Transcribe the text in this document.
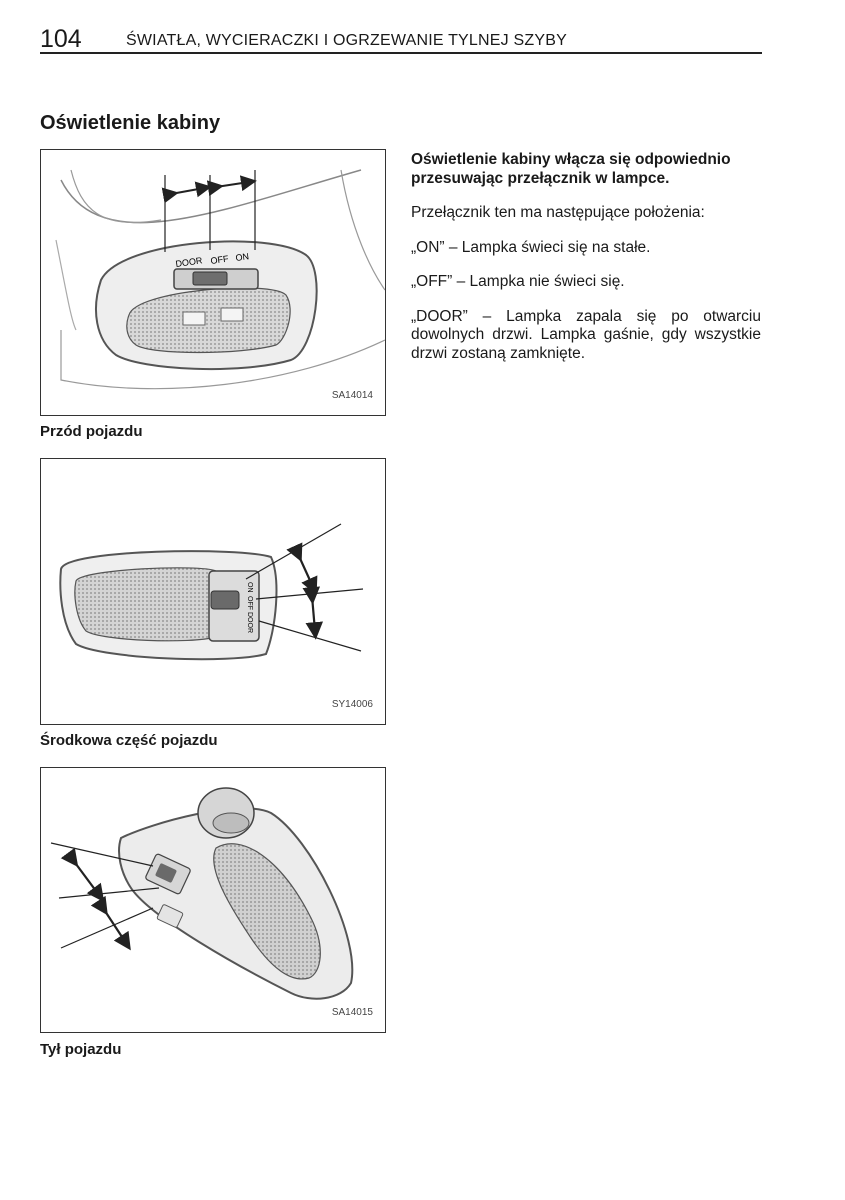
104	ŚWIATŁA, WYCIERACZKI I OGRZEWANIE TYLNEJ SZYBY
Oświetlenie kabiny
DOOR OFF ON
SA14014
Przód pojazdu
ON
OFF
DOOR
SY14006
Środkowa część pojazdu
SA14015
Tył pojazdu

Oświetlenie kabiny włącza się odpowiednio przesuwając przełącznik w lampce.

Przełącznik ten ma następujące położenia:

„ON” – Lampka świeci się na stałe.

„OFF” – Lampka nie świeci się.

„DOOR” – Lampka zapala się po otwarciu dowolnych drzwi. Lampka gaśnie, gdy wszystkie drzwi zostaną zamknięte.
